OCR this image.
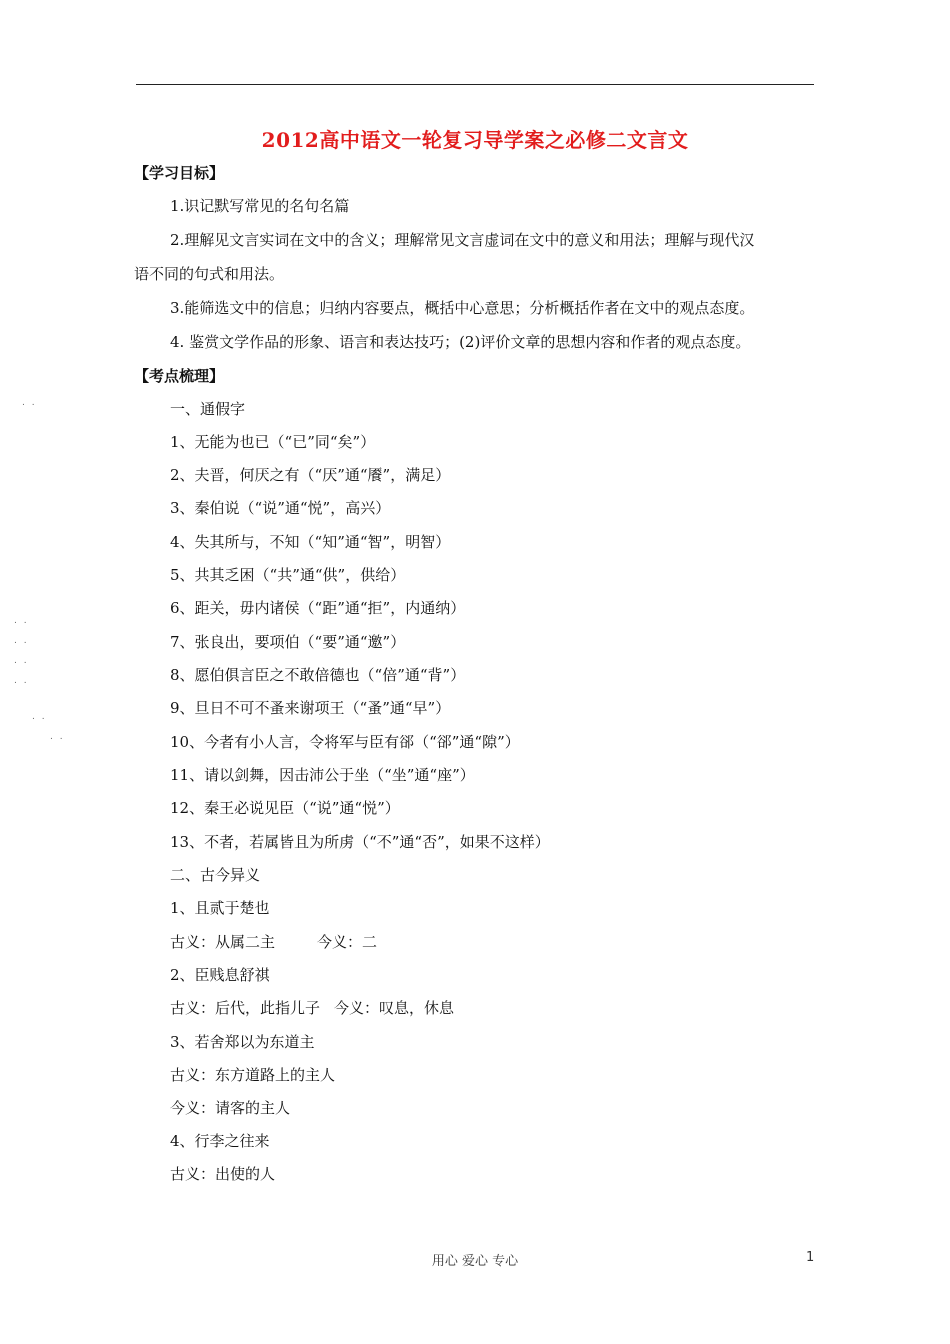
2012高中语文一轮复习导学案之必修二文言文
【学习目标】
1.识记默写常见的名句名篇
2.理解见文言实词在文中的含义；理解常见文言虚词在文中的意义和用法；理解与现代汉
语不同的句式和用法。
3.能筛选文中的信息；归纳内容要点，概括中心意思；分析概括作者在文中的观点态度。
4. 鉴赏文学作品的形象、语言和表达技巧；(2)评价文章的思想内容和作者的观点态度。
【考点梳理】
一、通假字
1、无能为也已（“已”同“矣”）
2、夫晋，何厌之有（“厌”通“餍”，满足）
3、秦伯说（“说”通“悦”，高兴）
4、失其所与，不知（“知”通“智”，明智）
5、共其乏困（“共”通“供”，供给）
6、距关，毋内诸侯（“距”通“拒”，内通纳）
7、张良出，要项伯（“要”通“邀”）
8、愿伯俱言臣之不敢倍德也（“倍”通“背”）
9、旦日不可不蚤来谢项王（“蚤”通“早”）
10、今者有小人言，令将军与臣有郤（“郤”通“隙”）
11、请以剑舞，因击沛公于坐（“坐”通“座”）
12、秦王必说见臣（“说”通“悦”）
13、不者，若属皆且为所虏（“不”通“否”，如果不这样）
二、古今异义
1、且贰于楚也
古义：从属二主	今义：二
2、臣贱息舒祺
古义：后代，此指儿子 今义：叹息，休息
3、若舍郑以为东道主
古义：东方道路上的主人
今义：请客的主人
4、行李之往来
古义：出使的人
. .
. .
. .
. .
. .
. .
. .
用心 爱心 专心	1
